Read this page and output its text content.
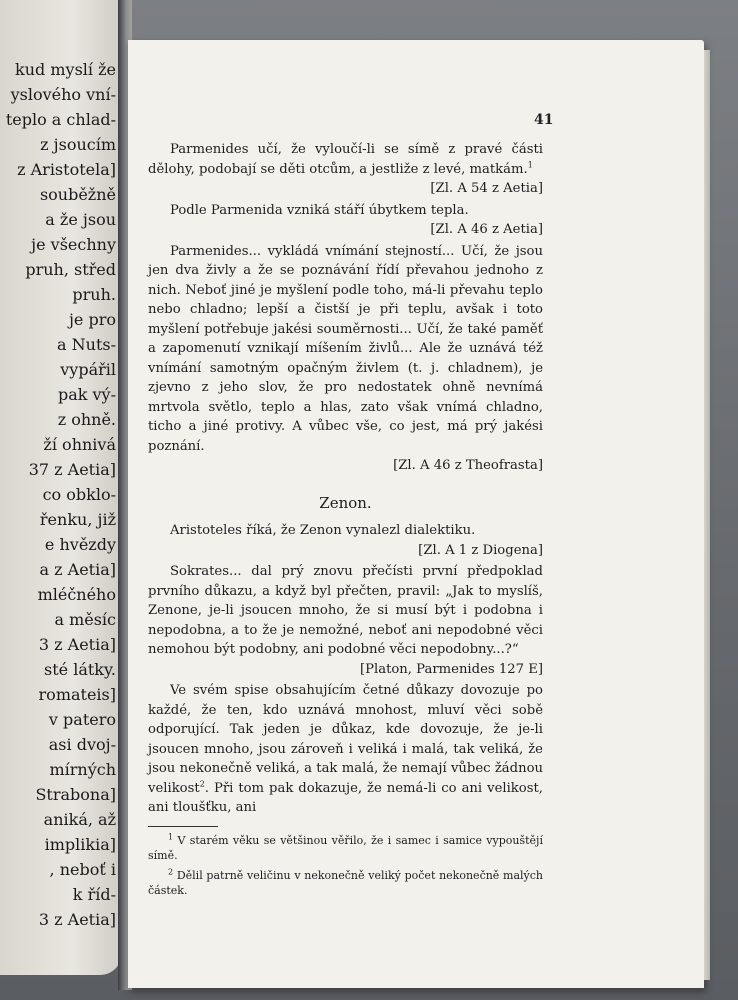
kud myslí že
yslového vní-
teplo a chlad-
z jsoucím
z Aristotela]
souběžně
a že jsou
je všechny
pruh, střed
pruh.
je pro
a Nuts-
vypářil
pak vý-
z ohně.
ží ohnivá
37 z Aetia]
co obklo-
řenku, již
e hvězdy
a z Aetia]
mléčného
a měsíc
3 z Aetia]
sté látky.
romateis]
v patero
asi dvoj-
mírných
Strabona]
aniká, až
implikia]
, neboť i
k říd-
3 z Aetia]
41

Parmenides učí, že vyloučí-li se símě z pravé části dělohy, podobají se děti otcům, a jestliže z levé, matkám.$^1$

[Zl. A 54 z Aetia]

Podle Parmenida vzniká stáří úbytkem tepla.

[Zl. A 46 z Aetia]

Parmenides... vykládá vnímání stejností... Učí, že jsou jen dva živly a že se poznávání řídí převahou jednoho z nich. Neboť jiné je myšlení podle toho, má-li převahu teplo nebo chladno; lepší a čistší je při teplu, avšak i toto myšlení potřebuje jakési souměrnosti... Učí, že také paměť a zapomenutí vznikají míšením živlů... Ale že uznává též vnímání samotným opačným živlem (t. j. chladnem), je zjevno z jeho slov, že pro nedostatek ohně nevnímá mrtvola světlo, teplo a hlas, zato však vnímá chladno, ticho a jiné protivy. A vůbec vše, co jest, má prý jakési poznání.

[Zl. A 46 z Theofrasta]

Zenon.

Aristoteles říká, že Zenon vynalezl dialektiku.

[Zl. A 1 z Diogena]

Sokrates... dal prý znovu přečísti první předpoklad prvního důkazu, a když byl přečten, pravil: „Jak to myslíš, Zenone, je-li jsoucen mnoho, že si musí být i podobna i nepodobna, a to že je nemožné, neboť ani nepodobné věci nemohou být podobny, ani podobné věci nepodobny...?“

[Platon, Parmenides 127 E]

Ve svém spise obsahujícím četné důkazy dovozuje po každé, že ten, kdo uznává mnohost, mluví věci sobě odporující. Tak jeden je důkaz, kde dovozuje, že je-li jsoucen mnoho, jsou zároveň i veliká i malá, tak veliká, že jsou nekonečně veliká, a tak malá, že nemají vůbec žádnou velikost$^2$. Při tom pak dokazuje, že nemá-li co ani velikost, ani tloušťku, ani

$^1$ V starém věku se většinou věřilo, že i samec i samice vypouštějí símě.

$^2$ Dělil patrně veličinu v nekonečně veliký počet nekonečně malých částek.
